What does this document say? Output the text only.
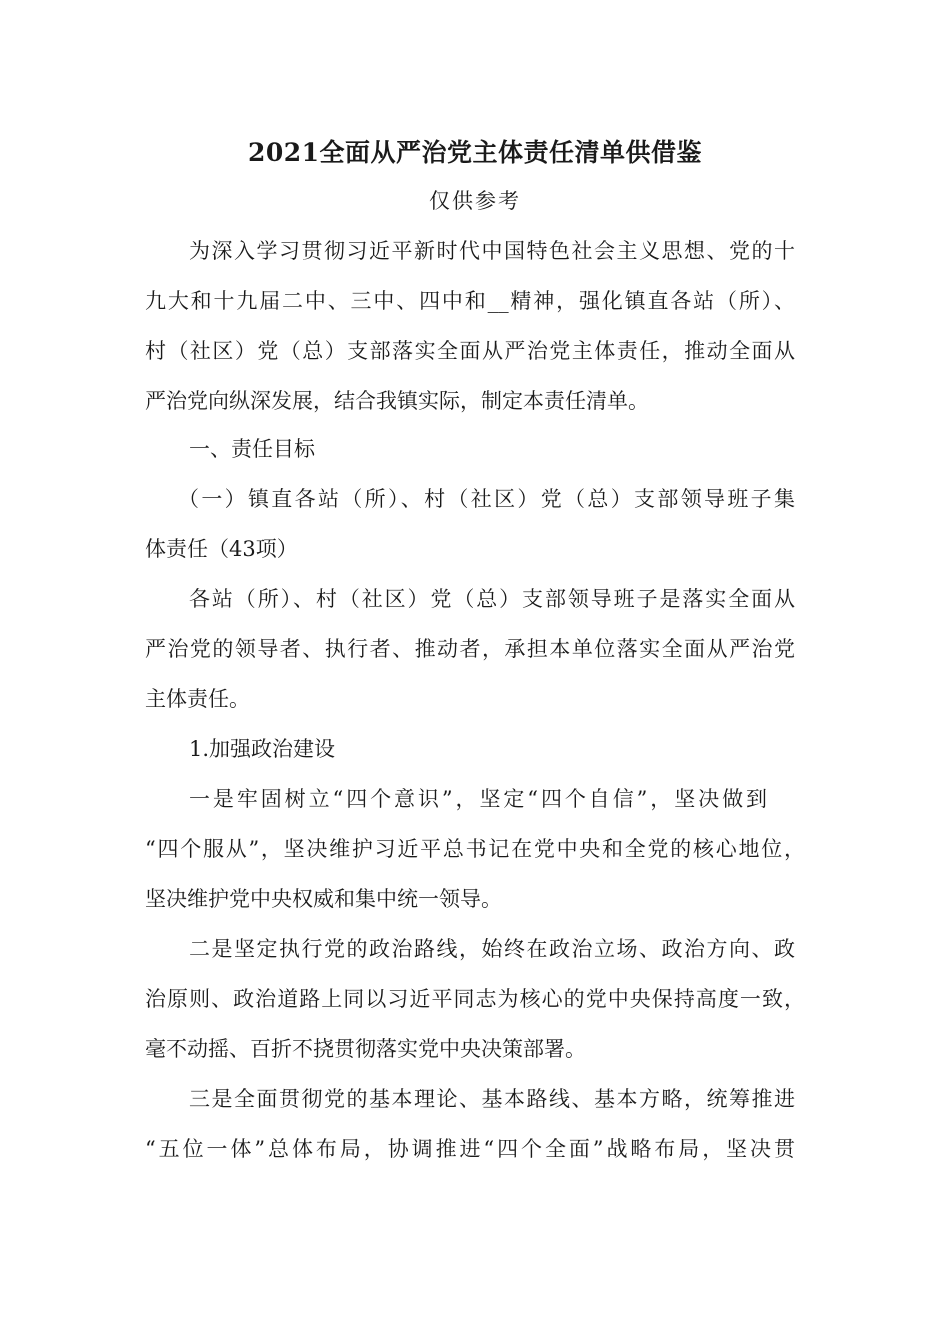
2021全面从严治党主体责任清单供借鉴
仅供参考
为深入学习贯彻习近平新时代中国特色社会主义思想、党的十
九大和十九届二中、三中、四中和__精神，强化镇直各站（所）、
村（社区）党（总）支部落实全面从严治党主体责任，推动全面从
严治党向纵深发展，结合我镇实际，制定本责任清单。
一、责任目标
（一）镇直各站（所）、村（社区）党（总）支部领导班子集
体责任（43项）
各站（所）、村（社区）党（总）支部领导班子是落实全面从
严治党的领导者、执行者、推动者，承担本单位落实全面从严治党
主体责任。
1.加强政治建设
一是牢固树立“四个意识”，坚定“四个自信”，坚决做到
“四个服从”，坚决维护习近平总书记在党中央和全党的核心地位，
坚决维护党中央权威和集中统一领导。
二是坚定执行党的政治路线，始终在政治立场、政治方向、政
治原则、政治道路上同以习近平同志为核心的党中央保持高度一致，
毫不动摇、百折不挠贯彻落实党中央决策部署。
三是全面贯彻党的基本理论、基本路线、基本方略，统筹推进
“五位一体”总体布局，协调推进“四个全面”战略布局，坚决贯
